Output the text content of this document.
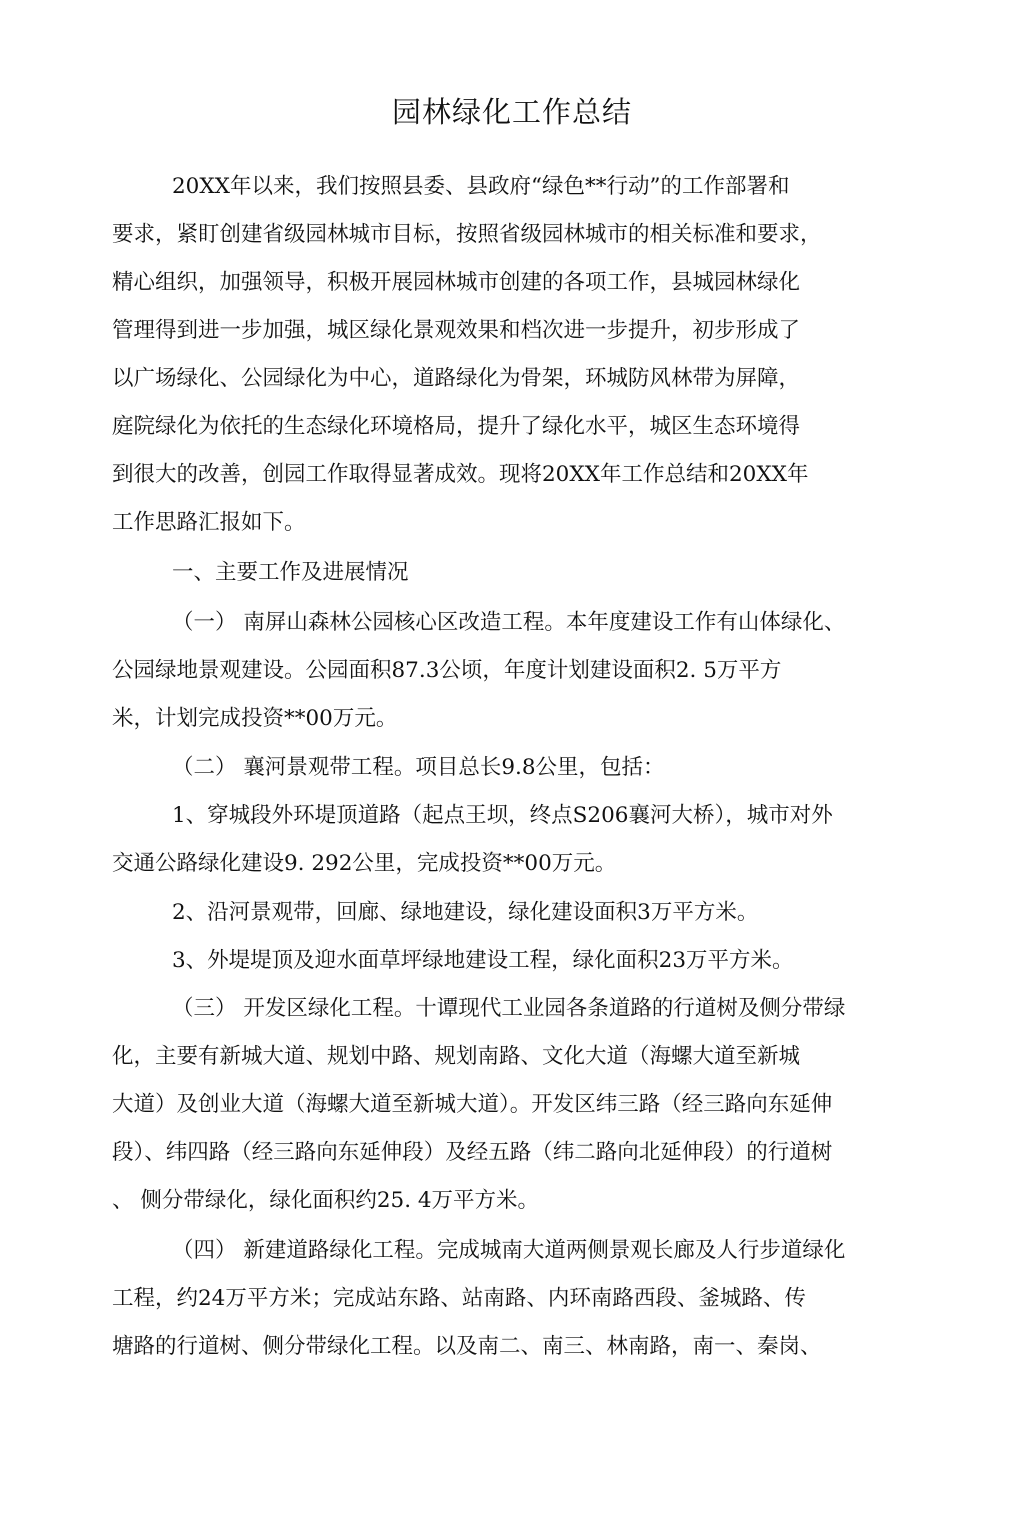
园林绿化工作总结
20XX年以来，我们按照县委、县政府“绿色**行动”的工作部署和
要求，紧盯创建省级园林城市目标，按照省级园林城市的相关标准和要求，
精心组织，加强领导，积极开展园林城市创建的各项工作，县城园林绿化
管理得到进一步加强，城区绿化景观效果和档次进一步提升，初步形成了
以广场绿化、公园绿化为中心，道路绿化为骨架，环城防风林带为屏障，
庭院绿化为依托的生态绿化环境格局，提升了绿化水平，城区生态环境得
到很大的改善，创园工作取得显著成效。现将20XX年工作总结和20XX年
工作思路汇报如下。
一、主要工作及进展情况
（一） 南屏山森林公园核心区改造工程。本年度建设工作有山体绿化、
公园绿地景观建设。公园面积87.3公顷，年度计划建设面积2. 5万平方
米，计划完成投资**00万元。
（二） 襄河景观带工程。项目总长9.8公里，包括：
1、穿城段外环堤顶道路（起点王坝，终点S206襄河大桥），城市对外
交通公路绿化建设9. 292公里，完成投资**00万元。
2、沿河景观带，回廊、绿地建设，绿化建设面积3万平方米。
3、外堤堤顶及迎水面草坪绿地建设工程，绿化面积23万平方米。
（三） 开发区绿化工程。十谭现代工业园各条道路的行道树及侧分带绿
化，主要有新城大道、规划中路、规划南路、文化大道（海螺大道至新城
大道）及创业大道（海螺大道至新城大道）。开发区纬三路（经三路向东延伸
段）、纬四路（经三路向东延伸段）及经五路（纬二路向北延伸段）的行道树
、 侧分带绿化，绿化面积约25. 4万平方米。
（四） 新建道路绿化工程。完成城南大道两侧景观长廊及人行步道绿化
工程，约24万平方米；完成站东路、站南路、内环南路西段、釜城路、传
塘路的行道树、侧分带绿化工程。以及南二、南三、林南路，南一、秦岗、
